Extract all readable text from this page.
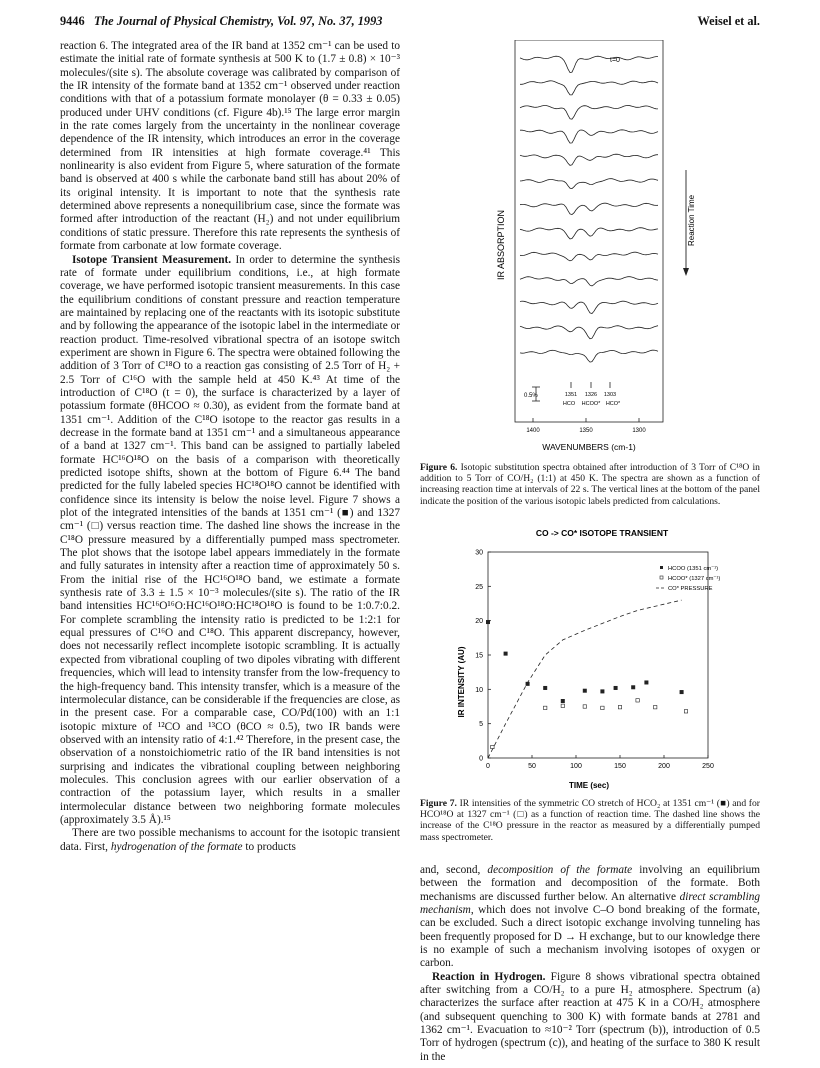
9446 The Journal of Physical Chemistry, Vol. 97, No. 37, 1993	Weisel et al.

reaction 6. The integrated area of the IR band at 1352 cm⁻¹ can be used to estimate the initial rate of formate synthesis at 500 K to (1.7 ± 0.8) × 10⁻³ molecules/(site s). The absolute coverage was calibrated by comparison of the IR intensity of the formate band at 1352 cm⁻¹ observed under reaction conditions with that of a potassium formate monolayer (θ = 0.33 ± 0.05) produced under UHV conditions (cf. Figure 4b).¹⁵ The large error margin in the rate comes largely from the uncertainty in the nonlinear coverage dependence of the IR intensity, which introduces an error in the coverage determined from IR intensities at high formate coverage.⁴¹ This nonlinearity is also evident from Figure 5, where saturation of the formate band is observed at 400 s while the carbonate band still has about 20% of its original intensity. It is important to note that the synthesis rate determined above represents a nonequilibrium case, since the formate was formed after introduction of the reactant (H₂) and not under equilibrium conditions of static pressure. Therefore this rate represents the synthesis of formate from carbonate at low formate coverage.

Isotope Transient Measurement. In order to determine the synthesis rate of formate under equilibrium conditions, i.e., at high formate coverage, we have performed isotopic transient measurements. In this case the equilibrium conditions of constant pressure and reaction temperature are maintained by replacing one of the reactants with its isotopic substitute and by following the appearance of the isotopic label in the intermediate or reaction product. Time-resolved vibrational spectra of an isotope switch experiment are shown in Figure 6. The spectra were obtained following the addition of 3 Torr of C¹⁸O to a reaction gas consisting of 2.5 Torr of H₂ + 2.5 Torr of C¹⁶O with the sample held at 450 K.⁴³ At time of the introduction of C¹⁸O (t = 0), the surface is characterized by a layer of potassium formate (θHCOO ≈ 0.30), as evident from the formate band at 1351 cm⁻¹. Addition of the C¹⁸O isotope to the reactor gas results in a decrease in the formate band at 1351 cm⁻¹ and a simultaneous appearance of a band at 1327 cm⁻¹. This band can be assigned to partially labeled formate HC¹⁶O¹⁸O on the basis of a comparison with theoretically predicted isotope shifts, shown at the bottom of Figure 6.⁴⁴ The band predicted for the fully labeled species HC¹⁸O¹⁸O cannot be identified with confidence since its intensity is below the noise level. Figure 7 shows a plot of the integrated intensities of the bands at 1351 cm⁻¹ (■) and 1327 cm⁻¹ (□) versus reaction time. The dashed line shows the increase in the C¹⁸O pressure measured by a differentially pumped mass spectrometer. The plot shows that the isotope label appears immediately in the formate and fully saturates in intensity after a reaction time of approximately 50 s. From the initial rise of the HC¹⁶O¹⁸O band, we estimate a formate synthesis rate of 3.3 ± 1.5 × 10⁻³ molecules/(site s). The ratio of the IR band intensities HC¹⁶O¹⁶O:HC¹⁶O¹⁸O:HC¹⁸O¹⁸O is found to be 1:0.7:0.2. For complete scrambling the intensity ratio is predicted to be 1:2:1 for equal pressures of C¹⁶O and C¹⁸O. This apparent discrepancy, however, does not necessarily reflect incomplete isotopic scrambling. It is actually expected from vibrational coupling of two dipoles vibrating with different frequencies, which will lead to intensity transfer from the low-frequency to the high-frequency band. This intensity transfer, which is a measure of the intermolecular distance, can be considerable if the frequencies are close, as in the present case. For a comparable case, CO/Pd(100) with an 1:1 isotopic mixture of ¹²CO and ¹³CO (θCO ≈ 0.5), two IR bands were observed with an intensity ratio of 4:1.⁴² Therefore, in the present case, the observation of a nonstoichiometric ratio of the IR band intensities is not surprising and indicates the vibrational coupling between neighboring molecules. This conclusion agrees with our earlier observation of a contraction of the potassium layer, which results in a smaller intermolecular distance between two neighboring formate molecules (approximately 3.5 Å).¹⁵

There are two possible mechanisms to account for the isotopic transient data. First, hydrogenation of the formate to products

t=0
IR ABSORPTION	Reaction Time
0.5%	1351 1326 1303
HCO HCOO* HCO*
1400	1350	1300
WAVENUMBERS (cm-1)
Figure 6. Isotopic substitution spectra obtained after introduction of 3 Torr of C¹⁸O in addition to 5 Torr of CO/H₂ (1:1) at 450 K. The spectra are shown as a function of increasing reaction time at intervals of 22 s. The vertical lines at the bottom of the panel indicate the position of the various isotopic labels predicted from calculations.
CO -> CO* ISOTOPE TRANSIENT
IR INTENSITY (AU)
TIME (sec)
0	50	100	150	200	250
0
5
10
15
20
25
30
HCOO (1351 cm⁻¹)
HCOO* (1327 cm⁻¹)
CO* PRESSURE
Figure 7. IR intensities of the symmetric CO stretch of HCO₂ at 1351 cm⁻¹ (■) and for HCO¹⁸O at 1327 cm⁻¹ (□) as a function of reaction time. The dashed line shows the increase of the C¹⁸O pressure in the reactor as measured by a differentially pumped mass spectrometer.

and, second, decomposition of the formate involving an equilibrium between the formation and decomposition of the formate. Both mechanisms are discussed further below. An alternative direct scrambling mechanism, which does not involve C–O bond breaking of the formate, can be excluded. Such a direct isotopic exchange involving tunneling has been frequently proposed for D → H exchange, but to our knowledge there is no example of such a mechanism involving isotopes of oxygen or carbon.

Reaction in Hydrogen. Figure 8 shows vibrational spectra obtained after switching from a CO/H₂ to a pure H₂ atmosphere. Spectrum (a) characterizes the surface after reaction at 475 K in a CO/H₂ atmosphere (and subsequent quenching to 300 K) with formate bands at 2781 and 1362 cm⁻¹. Evacuation to ≈10⁻² Torr (spectrum (b)), introduction of 0.5 Torr of hydrogen (spectrum (c)), and heating of the surface to 380 K result in the
